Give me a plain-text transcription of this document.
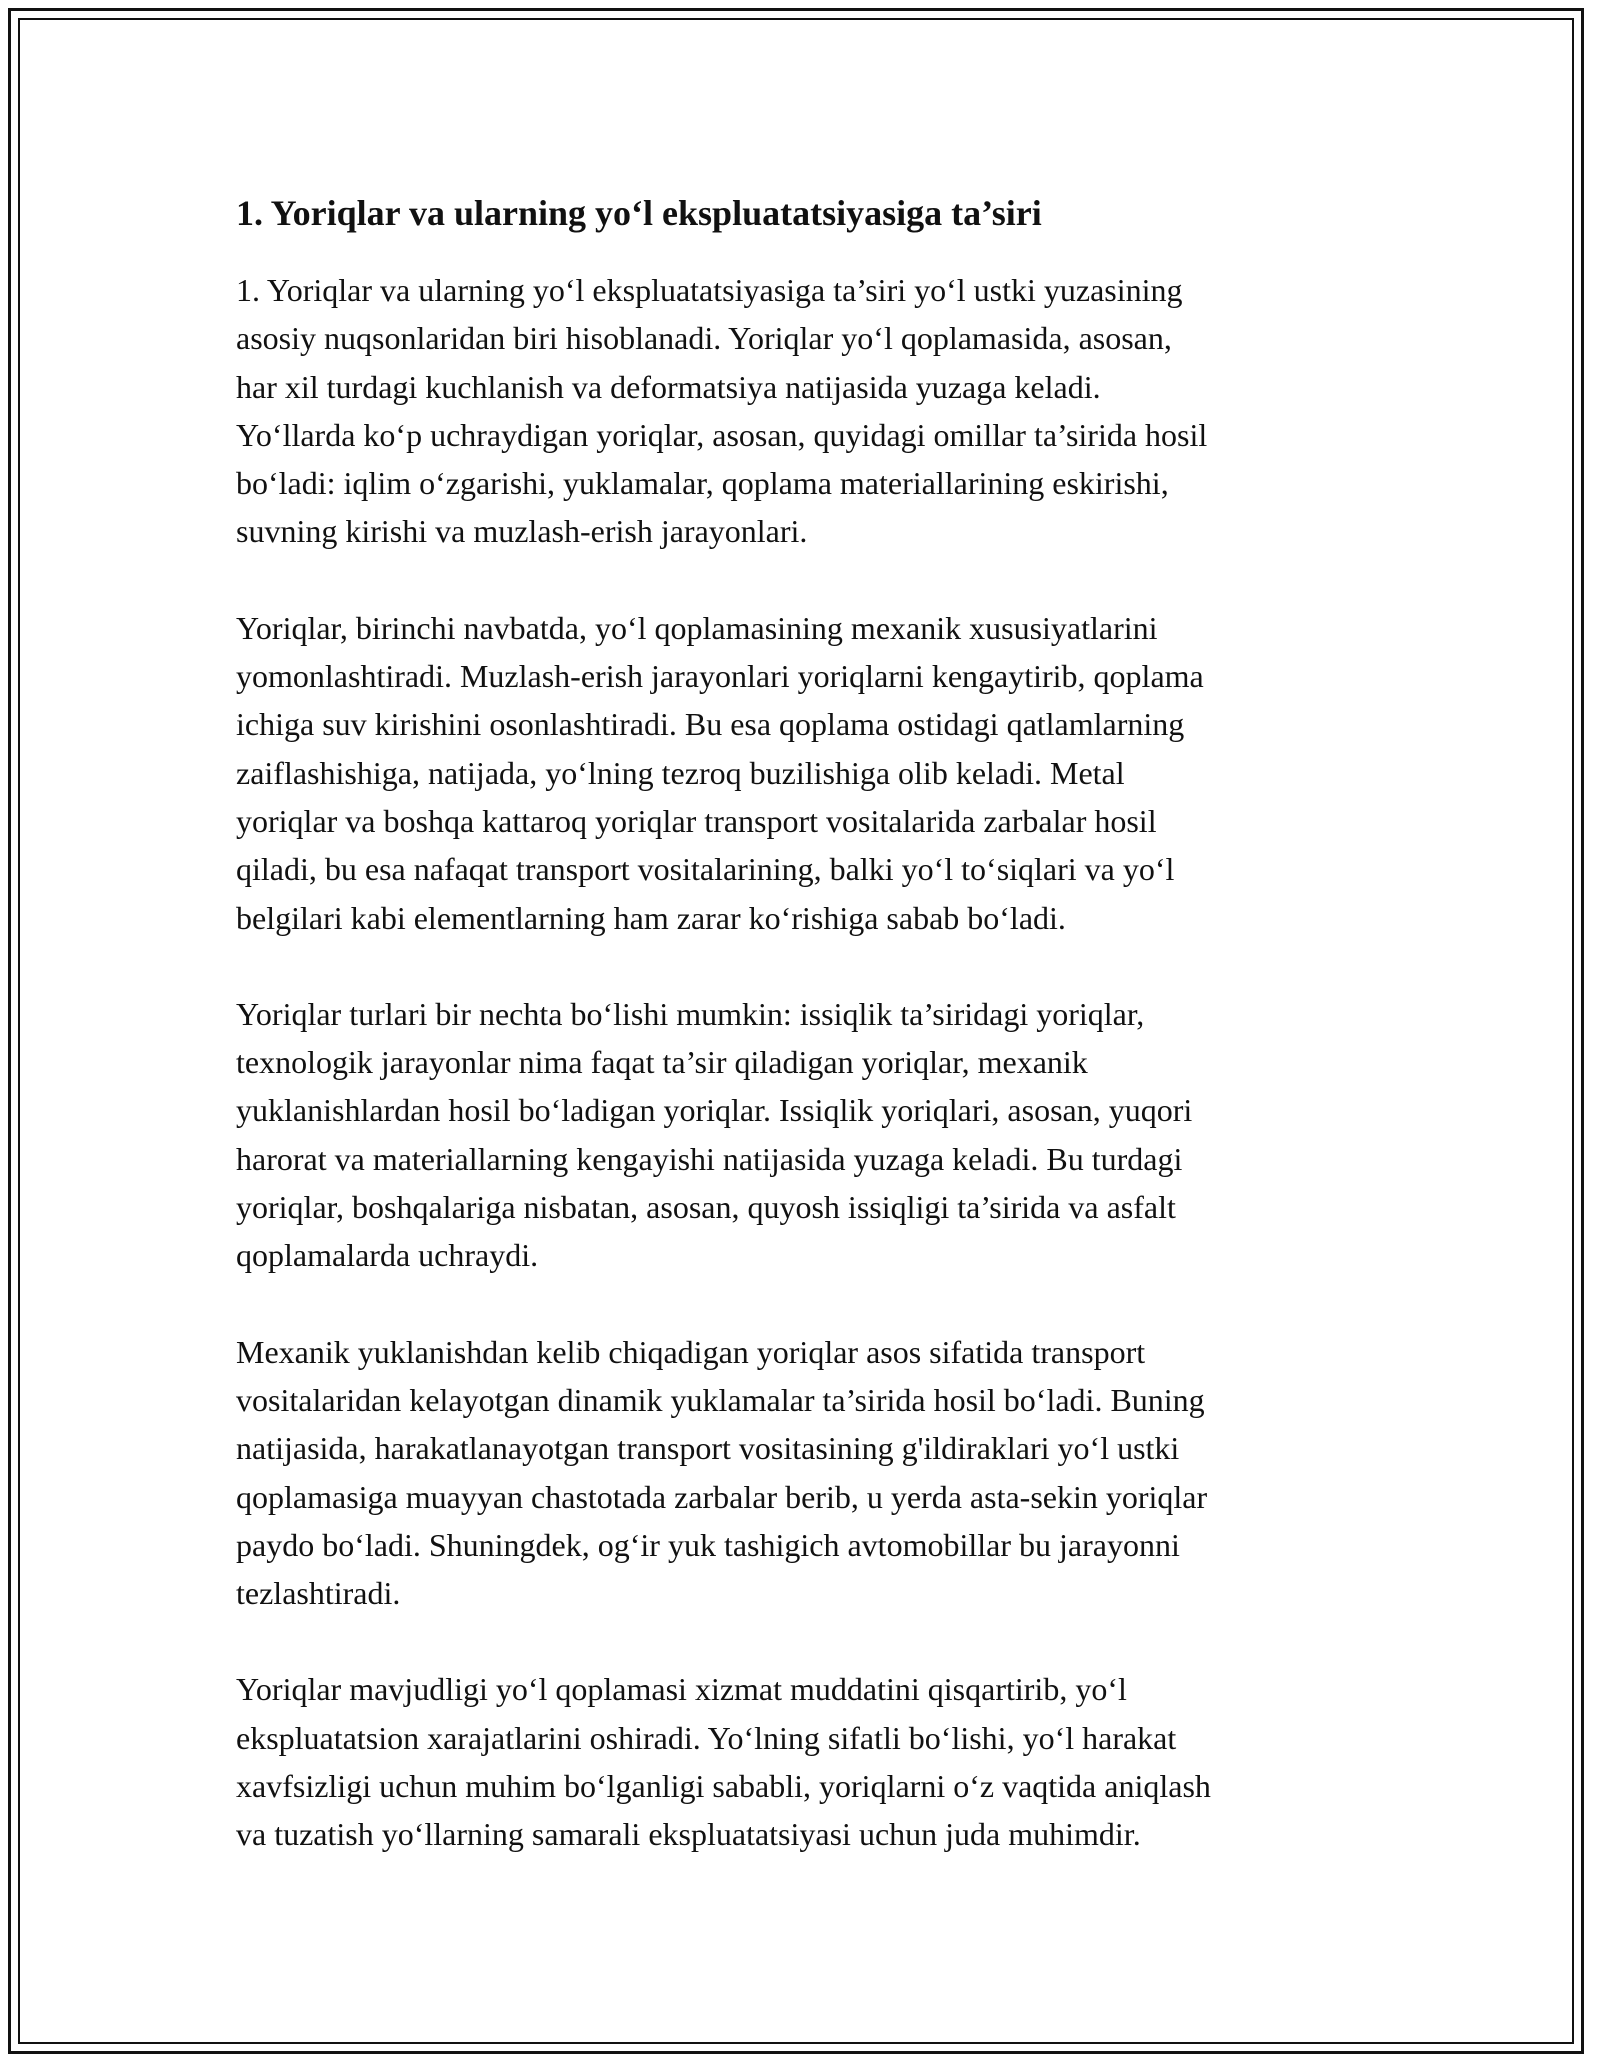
1. Yoriqlar va ularning yo‘l ekspluatatsiyasiga ta’siri

1. Yoriqlar va ularning yo‘l ekspluatatsiyasiga ta’siri yo‘l ustki yuzasining
asosiy nuqsonlaridan biri hisoblanadi. Yoriqlar yo‘l qoplamasida, asosan,
har xil turdagi kuchlanish va deformatsiya natijasida yuzaga keladi.
Yo‘llarda ko‘p uchraydigan yoriqlar, asosan, quyidagi omillar ta’sirida hosil
bo‘ladi: iqlim o‘zgarishi, yuklamalar, qoplama materiallarining eskirishi,
suvning kirishi va muzlash-erish jarayonlari.

Yoriqlar, birinchi navbatda, yo‘l qoplamasining mexanik xususiyatlarini
yomonlashtiradi. Muzlash-erish jarayonlari yoriqlarni kengaytirib, qoplama
ichiga suv kirishini osonlashtiradi. Bu esa qoplama ostidagi qatlamlarning
zaiflashishiga, natijada, yo‘lning tezroq buzilishiga olib keladi. Metal
yoriqlar va boshqa kattaroq yoriqlar transport vositalarida zarbalar hosil
qiladi, bu esa nafaqat transport vositalarining, balki yo‘l to‘siqlari va yo‘l
belgilari kabi elementlarning ham zarar ko‘rishiga sabab bo‘ladi.

Yoriqlar turlari bir nechta bo‘lishi mumkin: issiqlik ta’siridagi yoriqlar,
texnologik jarayonlar nima faqat ta’sir qiladigan yoriqlar, mexanik
yuklanishlardan hosil bo‘ladigan yoriqlar. Issiqlik yoriqlari, asosan, yuqori
harorat va materiallarning kengayishi natijasida yuzaga keladi. Bu turdagi
yoriqlar, boshqalariga nisbatan, asosan, quyosh issiqligi ta’sirida va asfalt
qoplamalarda uchraydi.

Mexanik yuklanishdan kelib chiqadigan yoriqlar asos sifatida transport
vositalaridan kelayotgan dinamik yuklamalar ta’sirida hosil bo‘ladi. Buning
natijasida, harakatlanayotgan transport vositasining g'ildiraklari yo‘l ustki
qoplamasiga muayyan chastotada zarbalar berib, u yerda asta-sekin yoriqlar
paydo bo‘ladi. Shuningdek, og‘ir yuk tashigich avtomobillar bu jarayonni
tezlashtiradi.

Yoriqlar mavjudligi yo‘l qoplamasi xizmat muddatini qisqartirib, yo‘l
ekspluatatsion xarajatlarini oshiradi. Yo‘lning sifatli bo‘lishi, yo‘l harakat
xavfsizligi uchun muhim bo‘lganligi sababli, yoriqlarni o‘z vaqtida aniqlash
va tuzatish yo‘llarning samarali ekspluatatsiyasi uchun juda muhimdir.
